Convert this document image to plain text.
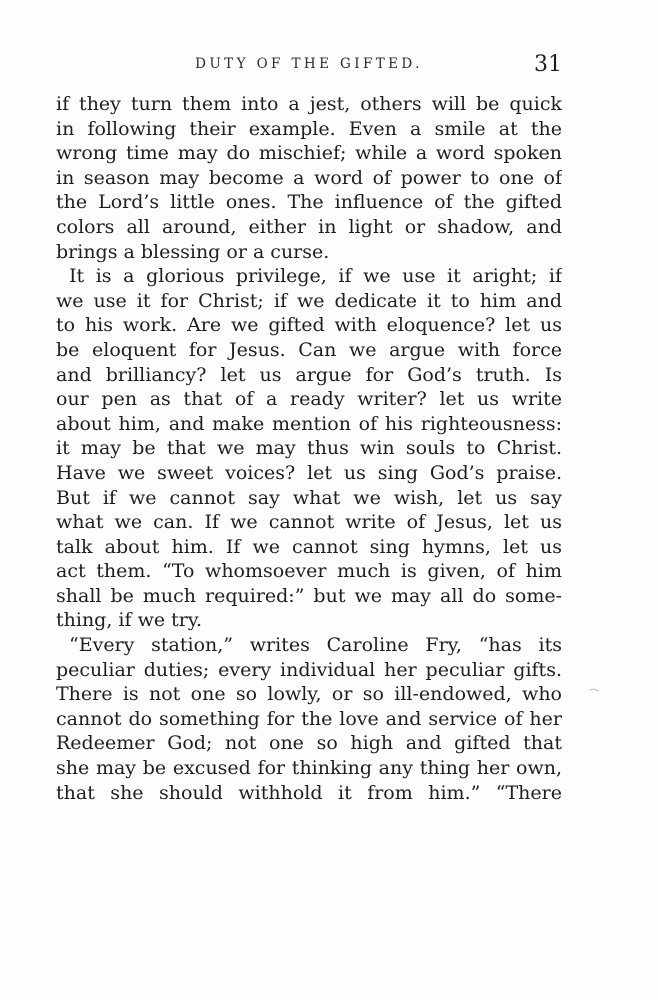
DUTY OF THE GIFTED.	31
if they turn them into a jest, others will be quick
in following their example. Even a smile at the
wrong time may do mischief; while a word spoken
in season may become a word of power to one of
the Lord’s little ones. The influence of the gifted
colors all around, either in light or shadow, and
brings a blessing or a curse.
It is a glorious privilege, if we use it aright; if
we use it for Christ; if we dedicate it to him and
to his work. Are we gifted with eloquence? let us
be eloquent for Jesus. Can we argue with force
and brilliancy? let us argue for God’s truth. Is
our pen as that of a ready writer? let us write
about him, and make mention of his righteousness:
it may be that we may thus win souls to Christ.
Have we sweet voices? let us sing God’s praise.
But if we cannot say what we wish, let us say
what we can. If we cannot write of Jesus, let us
talk about him. If we cannot sing hymns, let us
act them. “To whomsoever much is given, of him
shall be much required:” but we may all do some-
thing, if we try.
“Every station,” writes Caroline Fry, “has its
peculiar duties; every individual her peculiar gifts.
There is not one so lowly, or so ill-endowed, who
cannot do something for the love and service of her
Redeemer God; not one so high and gifted that
she may be excused for thinking any thing her own,
that she should withhold it from him.” “There
